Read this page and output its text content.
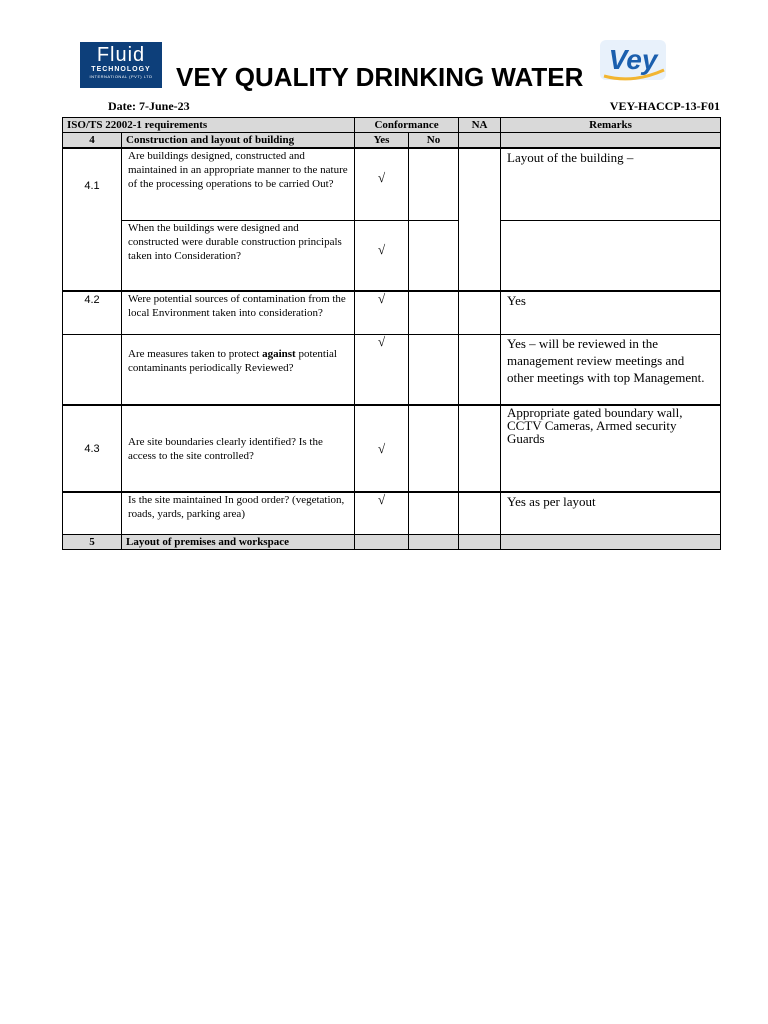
Fluid
TECHNOLOGY
INTERNATIONAL (PVT) LTD
Vey
VEY QUALITY DRINKING WATER
Date: 7-June-23	VEY-HACCP-13-F01
ISO/TS 22002-1 requirements		Conformance		NA	Remarks
4	Construction and layout of building	Yes	No		
4.1	Are buildings designed, constructed and maintained in an appropriate manner to the nature of the processing operations to be carried Out?	√			Layout of the building –
	When the buildings were designed and constructed were durable construction principals taken into Consideration?	√			
4.2	Were potential sources of contamination from the local Environment taken into consideration?	√			Yes
	Are measures taken to protect against potential contaminants periodically Reviewed?	√			Yes – will be reviewed in the management review meetings and other meetings with top Management.
4.3	Are site boundaries clearly identified? Is the access to the site controlled?	√			Appropriate gated boundary wall, CCTV Cameras, Armed security Guards
	Is the site maintained In good order? (vegetation, roads, yards, parking area)	√			Yes as per layout
5	Layout of premises and workspace				
